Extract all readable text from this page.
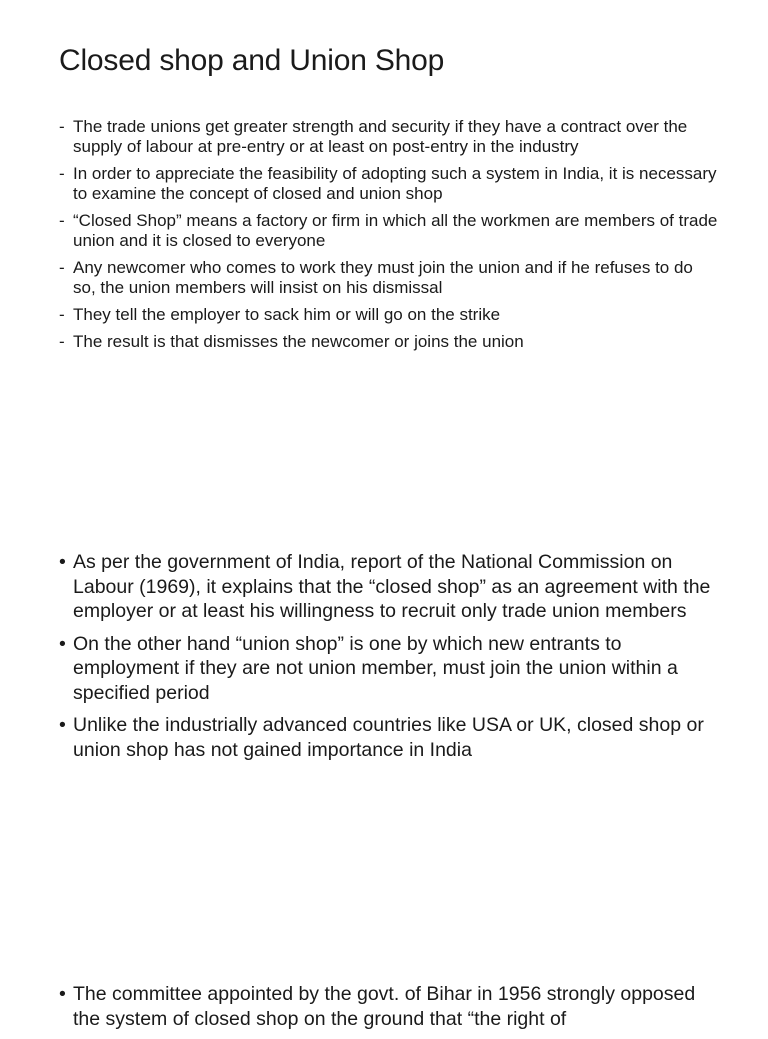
Closed shop and Union Shop
- The trade unions get greater strength and security if they have a contract over the supply of labour at pre-entry or at least on post-entry in the industry
- In order to appreciate the feasibility of adopting such a system in India, it is necessary to examine the concept of closed and union shop
- “Closed Shop” means a factory or firm in which all the workmen are members of trade union and it is closed to everyone
- Any newcomer who comes to work they must join the union and if he refuses to do so, the union members will insist on his dismissal
- They tell the employer to sack him or will go on the strike
- The result is that dismisses the newcomer or joins the union
• As per the government of India, report of the National Commission on Labour (1969), it explains that the “closed shop” as an agreement with the employer or at least his willingness to recruit only trade union members
• On the other hand “union shop” is one by which new entrants to employment if they are not union member, must join the union within a specified period
• Unlike the industrially advanced countries like USA or UK, closed shop or union shop has not gained importance in India
• The committee appointed by the govt. of Bihar in 1956 strongly opposed the system of closed shop on the ground that “the right of
